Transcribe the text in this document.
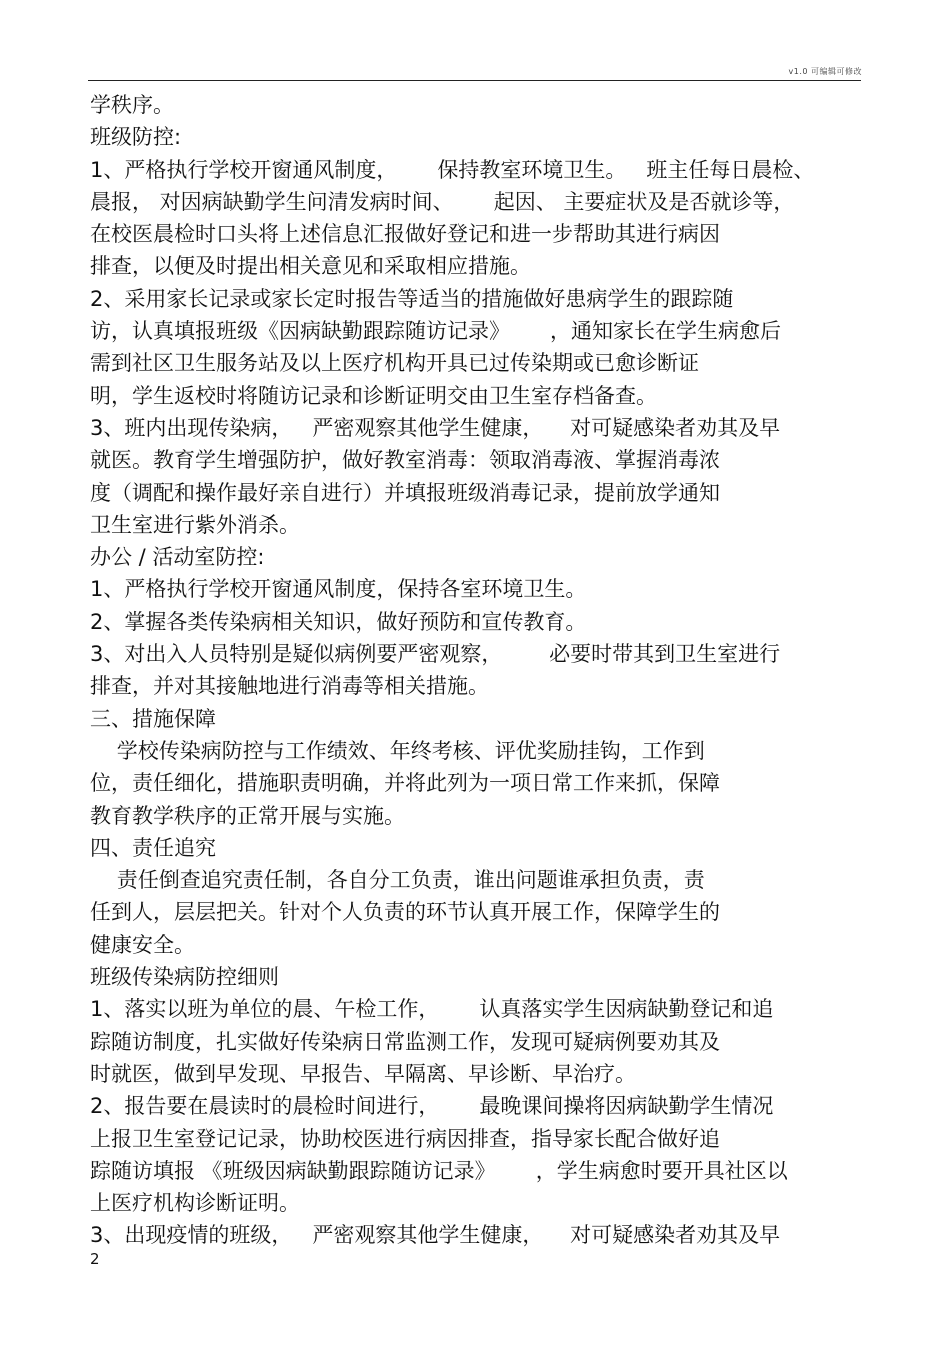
v1.0 可编辑可修改
学秩序。
班级防控:
1、严格执行学校开窗通风制度，      保持教室环境卫生。   班主任每日晨检、
晨报， 对因病缺勤学生问清发病时间、      起因、 主要症状及是否就诊等，
在校医晨检时口头将上述信息汇报做好登记和进一步帮助其进行病因
排查，以便及时提出相关意见和采取相应措施。
2、采用家长记录或家长定时报告等适当的措施做好患病学生的跟踪随
访，认真填报班级《因病缺勤跟踪随访记录》      ，通知家长在学生病愈后
需到社区卫生服务站及以上医疗机构开具已过传染期或已愈诊断证
明，学生返校时将随访记录和诊断证明交由卫生室存档备查。
3、班内出现传染病，   严密观察其他学生健康，    对可疑感染者劝其及早
就医。教育学生增强防护，做好教室消毒：领取消毒液、掌握消毒浓
度（调配和操作最好亲自进行）并填报班级消毒记录，提前放学通知
卫生室进行紫外消杀。
办公 / 活动室防控:
1、严格执行学校开窗通风制度，保持各室环境卫生。
2、掌握各类传染病相关知识，做好预防和宣传教育。
3、对出入人员特别是疑似病例要严密观察，       必要时带其到卫生室进行
排查，并对其接触地进行消毒等相关措施。
三、措施保障
学校传染病防控与工作绩效、年终考核、评优奖励挂钩，工作到
位，责任细化，措施职责明确，并将此列为一项日常工作来抓，保障
教育教学秩序的正常开展与实施。
四、责任追究
责任倒查追究责任制，各自分工负责，谁出问题谁承担负责，责
任到人，层层把关。针对个人负责的环节认真开展工作，保障学生的
健康安全。
班级传染病防控细则
1、落实以班为单位的晨、午检工作，      认真落实学生因病缺勤登记和追
踪随访制度，扎实做好传染病日常监测工作，发现可疑病例要劝其及
时就医，做到早发现、早报告、早隔离、早诊断、早治疗。
2、报告要在晨读时的晨检时间进行，      最晚课间操将因病缺勤学生情况
上报卫生室登记记录，协助校医进行病因排查，指导家长配合做好追
踪随访填报 《班级因病缺勤跟踪随访记录》      ，学生病愈时要开具社区以
上医疗机构诊断证明。
3、出现疫情的班级，   严密观察其他学生健康，    对可疑感染者劝其及早
2
